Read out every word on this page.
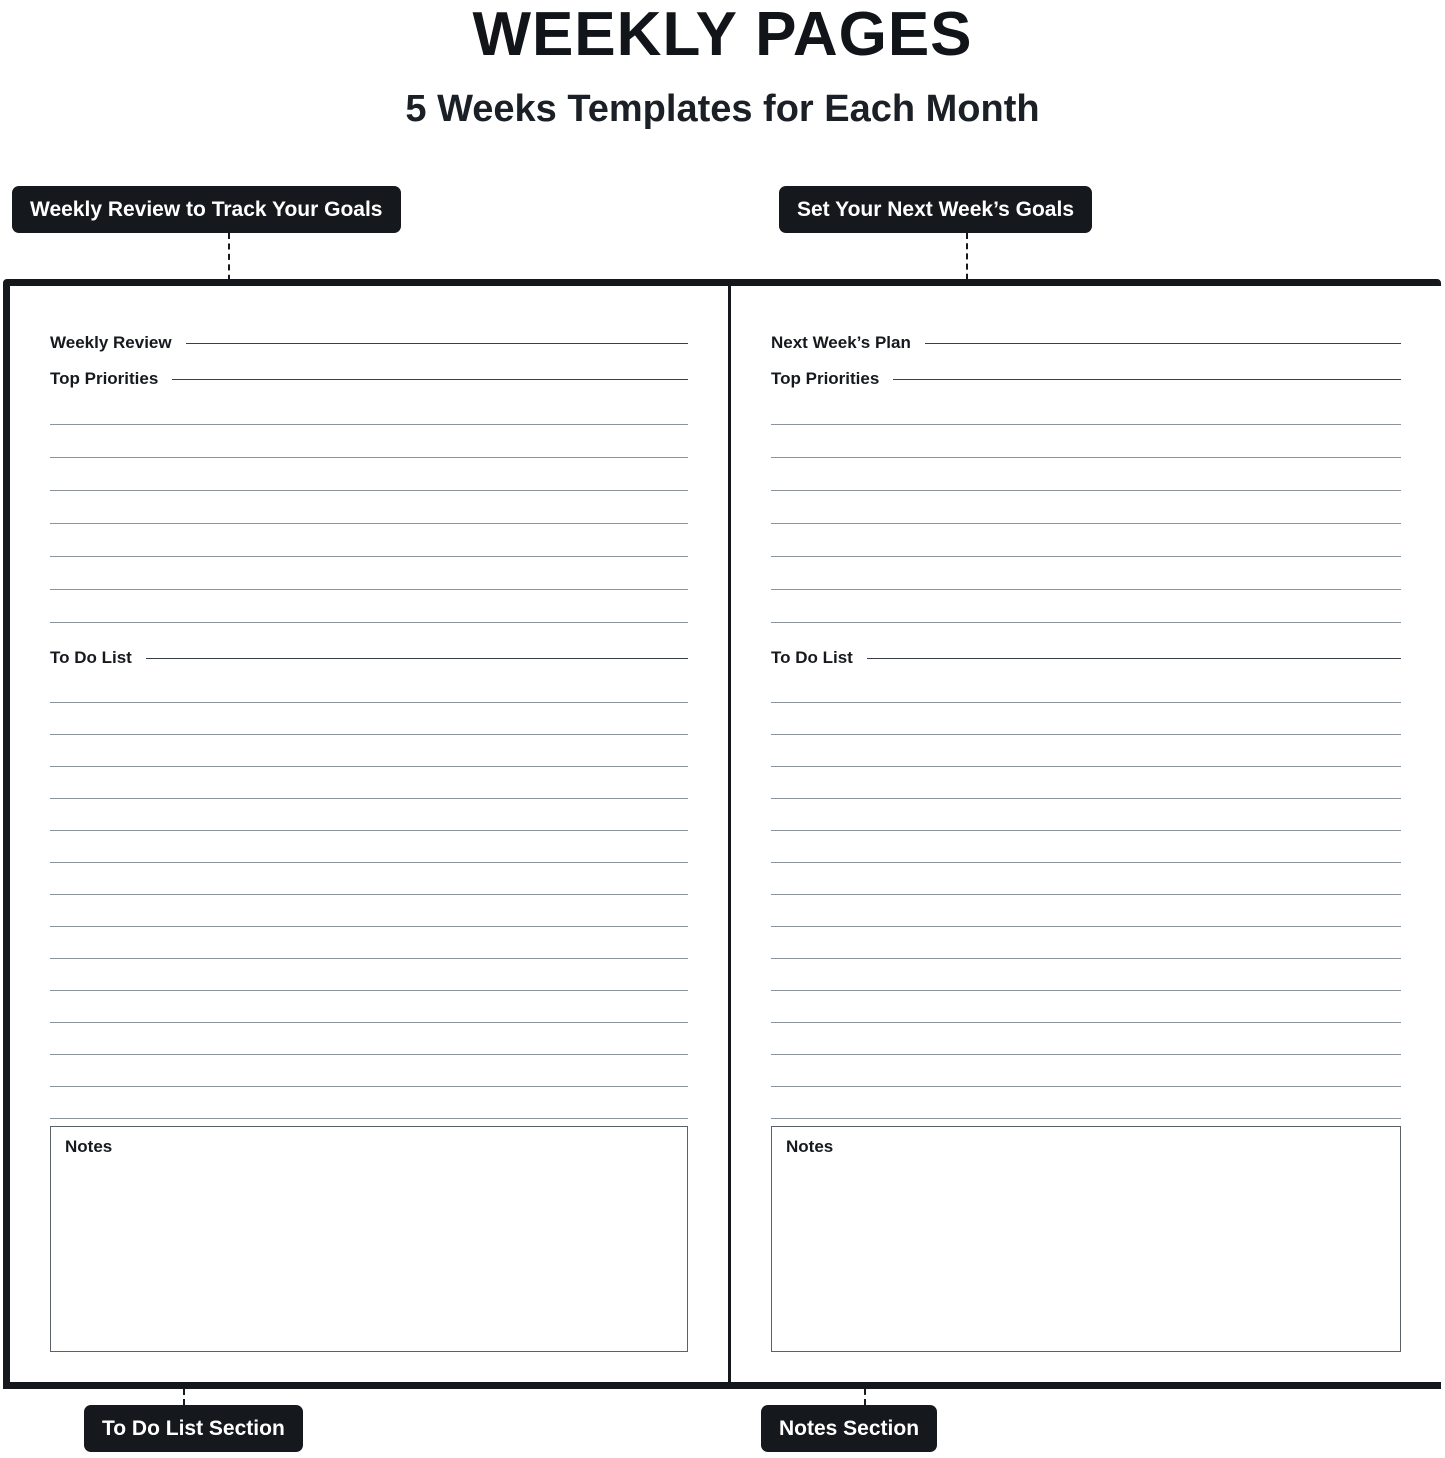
WEEKLY PAGES
5 Weeks Templates for Each Month
Weekly Review to Track Your Goals	Set Your Next Week’s Goals
To Do List Section	Notes Section
Weekly Review
Top Priorities
To Do List
Notes
Next Week’s Plan
Top Priorities
To Do List
Notes
